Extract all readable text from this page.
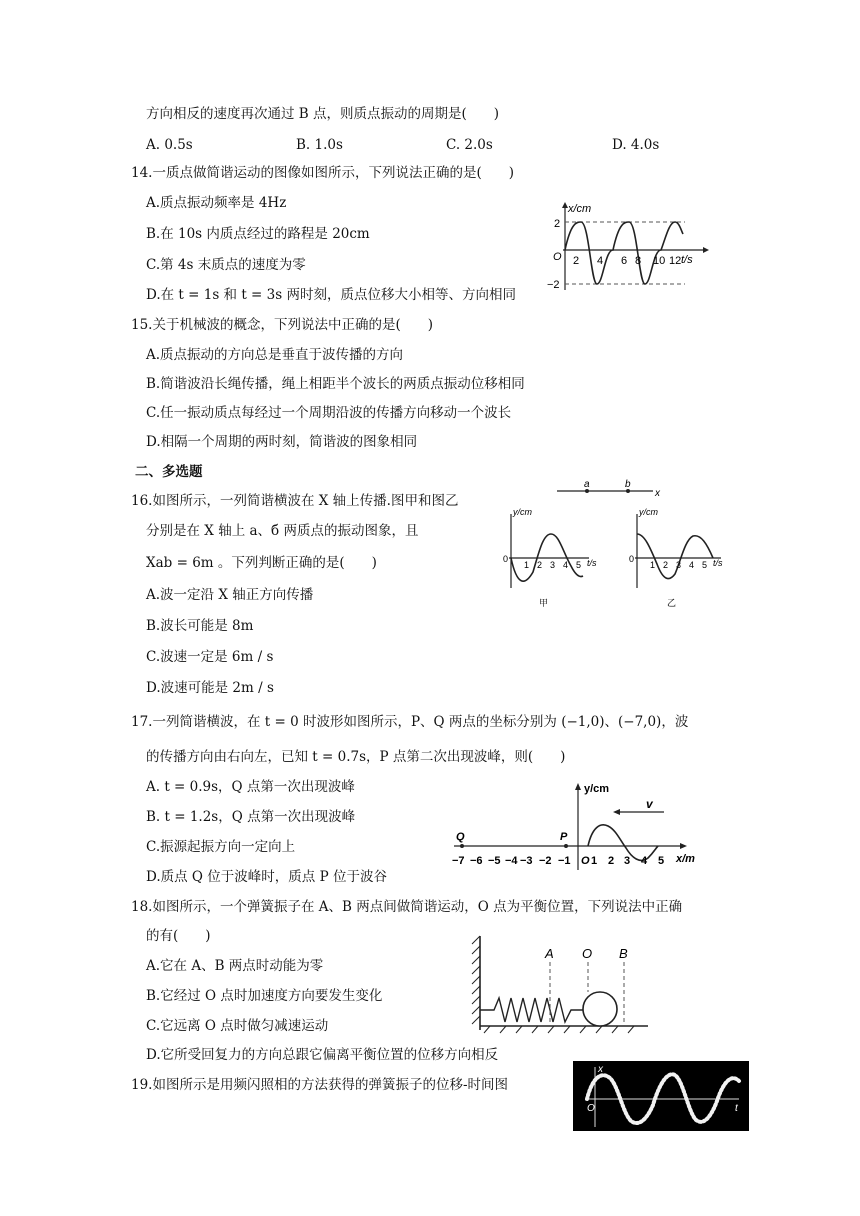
方向相反的速度再次通过 B 点，则质点振动的周期是(　　)
A. 0.5s	B. 1.0s	C. 2.0s	D. 4.0s
14.一质点做简谐运动的图像如图所示，下列说法正确的是(　　)
A.质点振动频率是 4Hz
B.在 10s 内质点经过的路程是 20cm
C.第 4s 末质点的速度为零
D.在 t = 1s 和 t = 3s 两时刻，质点位移大小相等、方向相同
15.关于机械波的概念，下列说法中正确的是(　　)
A.质点振动的方向总是垂直于波传播的方向
B.简谐波沿长绳传播，绳上相距半个波长的两质点振动位移相同
C.任一振动质点每经过一个周期沿波的传播方向移动一个波长
D.相隔一个周期的两时刻，简谐波的图象相同
二、多选题
16.如图所示，一列简谐横波在 X 轴上传播.图甲和图乙
分别是在 X 轴上 a、б 两质点的振动图象，且
Xab = 6m 。下列判断正确的是(　　)
A.波一定沿 X 轴正方向传播
B.波长可能是 8m
C.波速一定是 6m / s
D.波速可能是 2m / s
17.一列简谐横波，在 t = 0 时波形如图所示，P、Q 两点的坐标分别为 (−1,0)、(−7,0)，波
的传播方向由右向左，已知 t = 0.7s，P 点第二次出现波峰，则(　　)
A. t = 0.9s，Q 点第一次出现波峰
B. t = 1.2s，Q 点第一次出现波峰
C.振源起振方向一定向上
D.质点 Q 位于波峰时，质点 P 位于波谷
18.如图所示，一个弹簧振子在 A、B 两点间做简谐运动，O 点为平衡位置，下列说法中正确
的有(　　)
A.它在 A、B 两点时动能为零
B.它经过 O 点时加速度方向要发生变化
C.它远离 O 点时做匀减速运动
D.它所受回复力的方向总跟它偏离平衡位置的位移方向相反
19.如图所示是用频闪照相的方法获得的弹簧振子的位移-时间图
x/cm
t/s
O
2
−2
2 4 6 8 10 12
a	b
x
y/cm
t/s
0
1 2 3 4 5
甲
y/cm
t/s
0
1 2 3 4 5
乙
v
y/cm
x/m
Q	P
−7 −6 −5 −4 −3 −2 −1 O 1 2 3 4 5
A O B
x
t
O
